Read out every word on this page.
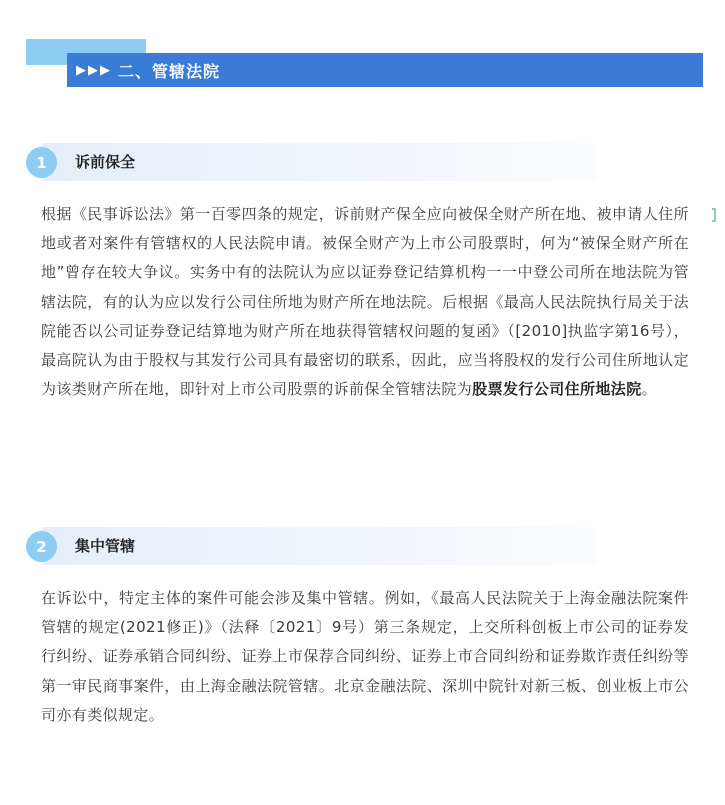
▶▶▶ 二、管辖法院
1	诉前保全

根据《民事诉讼法》第一百零四条的规定，诉前财产保全应向被保全财产所在地、被申请人住所地或者对案件有管辖权的人民法院申请。被保全财产为上市公司股票时，何为“被保全财产所在地”曾存在较大争议。实务中有的法院认为应以证券登记结算机构一一中登公司所在地法院为管辖法院，有的认为应以发行公司住所地为财产所在地法院。后根据《最高人民法院执行局关于法院能否以公司证券登记结算地为财产所在地获得管辖权问题的复函》（[2010]执监字第16号），最高院认为由于股权与其发行公司具有最密切的联系，因此，应当将股权的发行公司住所地认定为该类财产所在地，即针对上市公司股票的诉前保全管辖法院为股票发行公司住所地法院。

2	集中管辖

在诉讼中，特定主体的案件可能会涉及集中管辖。例如，《最高人民法院关于上海金融法院案件管辖的规定(2021修正)》（法释〔2021〕9号）第三条规定，上交所科创板上市公司的证券发行纠纷、证券承销合同纠纷、证券上市保荐合同纠纷、证券上市合同纠纷和证券欺诈责任纠纷等第一审民商事案件，由上海金融法院管辖。北京金融法院、深圳中院针对新三板、创业板上市公司亦有类似规定。
